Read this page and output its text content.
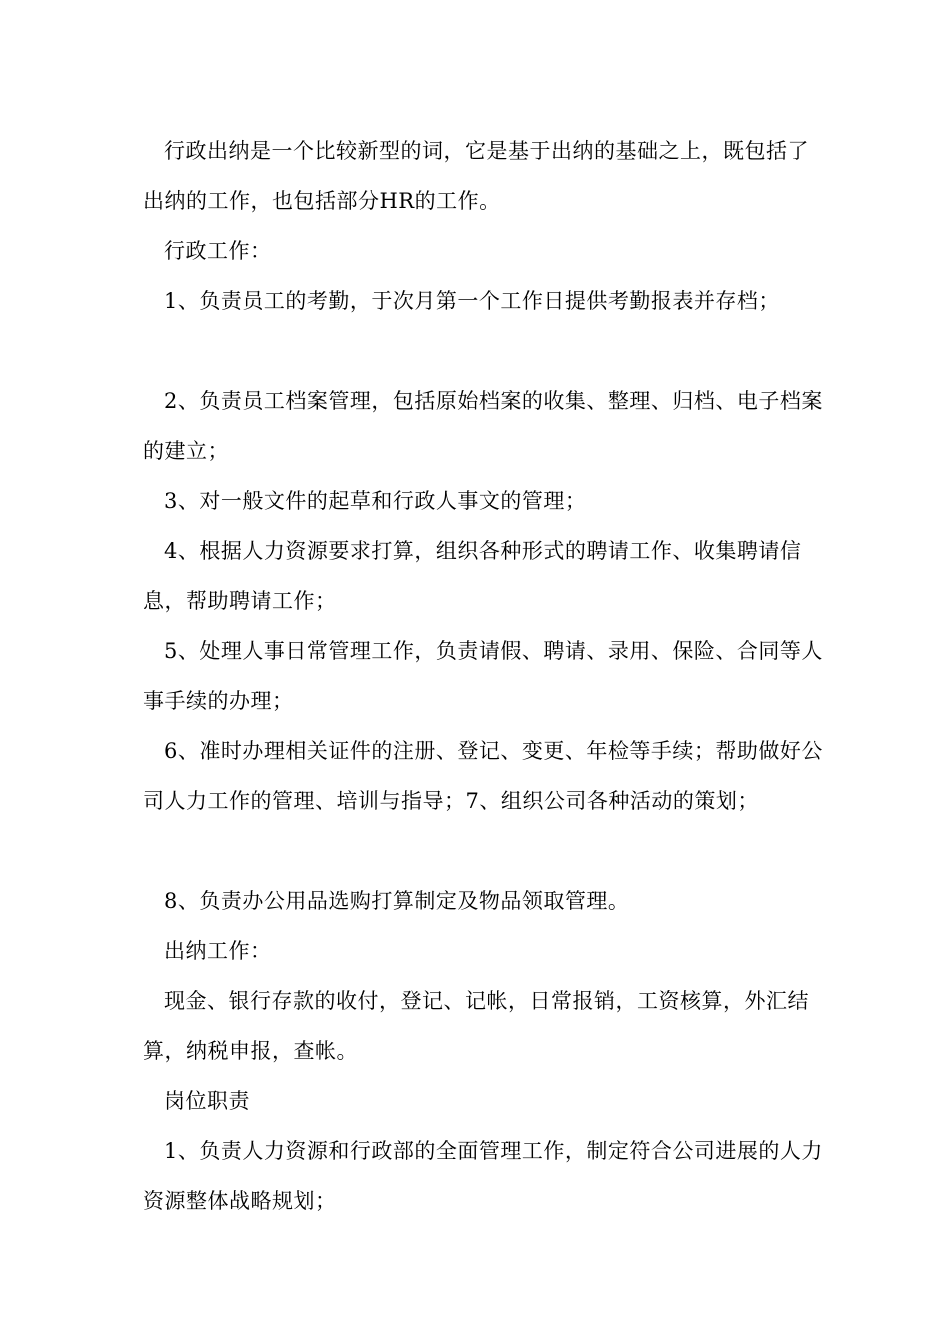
行政出纳是一个比较新型的词，它是基于出纳的基础之上，既包括了出纳的工作，也包括部分HR的工作。

行政工作：

1、负责员工的考勤，于次月第一个工作日提供考勤报表并存档；

2、负责员工档案管理，包括原始档案的收集、整理、归档、电子档案的建立；

3、对一般文件的起草和行政人事文的管理；

4、根据人力资源要求打算，组织各种形式的聘请工作、收集聘请信息，帮助聘请工作；

5、处理人事日常管理工作，负责请假、聘请、录用、保险、合同等人事手续的办理；

6、准时办理相关证件的注册、登记、变更、年检等手续；帮助做好公司人力工作的管理、培训与指导；7、组织公司各种活动的策划；

8、负责办公用品选购打算制定及物品领取管理。

出纳工作：

现金、银行存款的收付，登记、记帐，日常报销，工资核算，外汇结算，纳税申报，查帐。

岗位职责

1、负责人力资源和行政部的全面管理工作，制定符合公司进展的人力资源整体战略规划；
